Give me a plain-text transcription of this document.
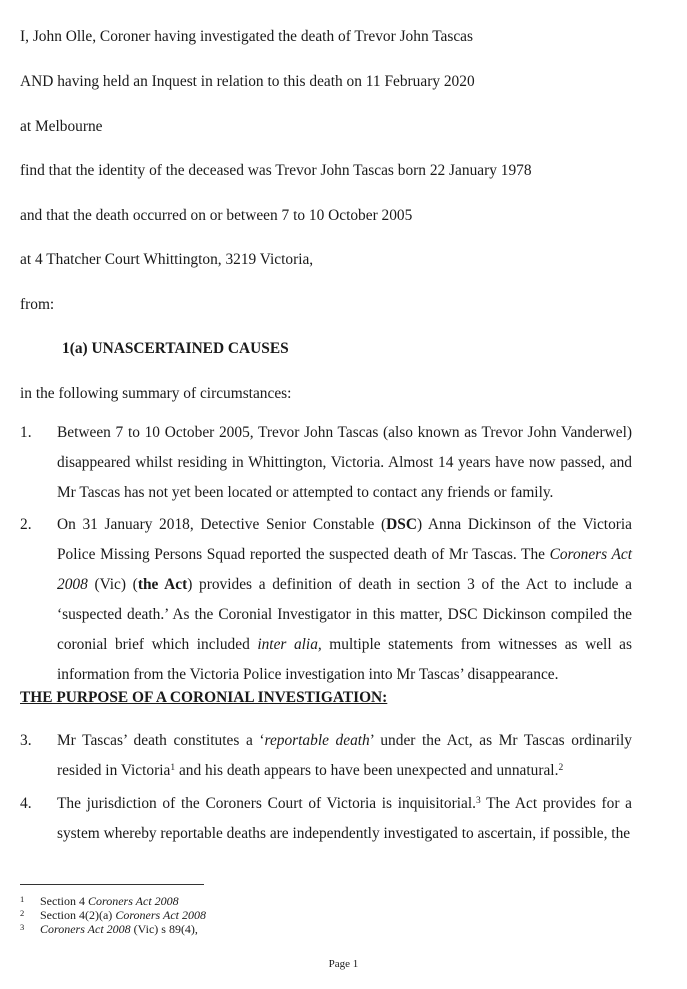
I, John Olle, Coroner having investigated the death of Trevor John Tascas
AND having held an Inquest in relation to this death on 11 February 2020
at Melbourne
find that the identity of the deceased was Trevor John Tascas born 22 January 1978
and that the death occurred on or between 7 to 10 October 2005
at 4 Thatcher Court Whittington, 3219 Victoria,
from:
1(a) UNASCERTAINED CAUSES
in the following summary of circumstances:
1. Between 7 to 10 October 2005, Trevor John Tascas (also known as Trevor John Vanderwel) disappeared whilst residing in Whittington, Victoria. Almost 14 years have now passed, and Mr Tascas has not yet been located or attempted to contact any friends or family.
2. On 31 January 2018, Detective Senior Constable (DSC) Anna Dickinson of the Victoria Police Missing Persons Squad reported the suspected death of Mr Tascas. The Coroners Act 2008 (Vic) (the Act) provides a definition of death in section 3 of the Act to include a ‘suspected death.’ As the Coronial Investigator in this matter, DSC Dickinson compiled the coronial brief which included inter alia, multiple statements from witnesses as well as information from the Victoria Police investigation into Mr Tascas’ disappearance.
THE PURPOSE OF A CORONIAL INVESTIGATION:
3. Mr Tascas’ death constitutes a ‘reportable death’ under the Act, as Mr Tascas ordinarily resided in Victoria$^1$ and his death appears to have been unexpected and unnatural.$^2$
4. The jurisdiction of the Coroners Court of Victoria is inquisitorial.$^3$ The Act provides for a system whereby reportable deaths are independently investigated to ascertain, if possible, the
1 Section 4 Coroners Act 2008
2 Section 4(2)(a) Coroners Act 2008
3 Coroners Act 2008 (Vic) s 89(4),
Page 1
